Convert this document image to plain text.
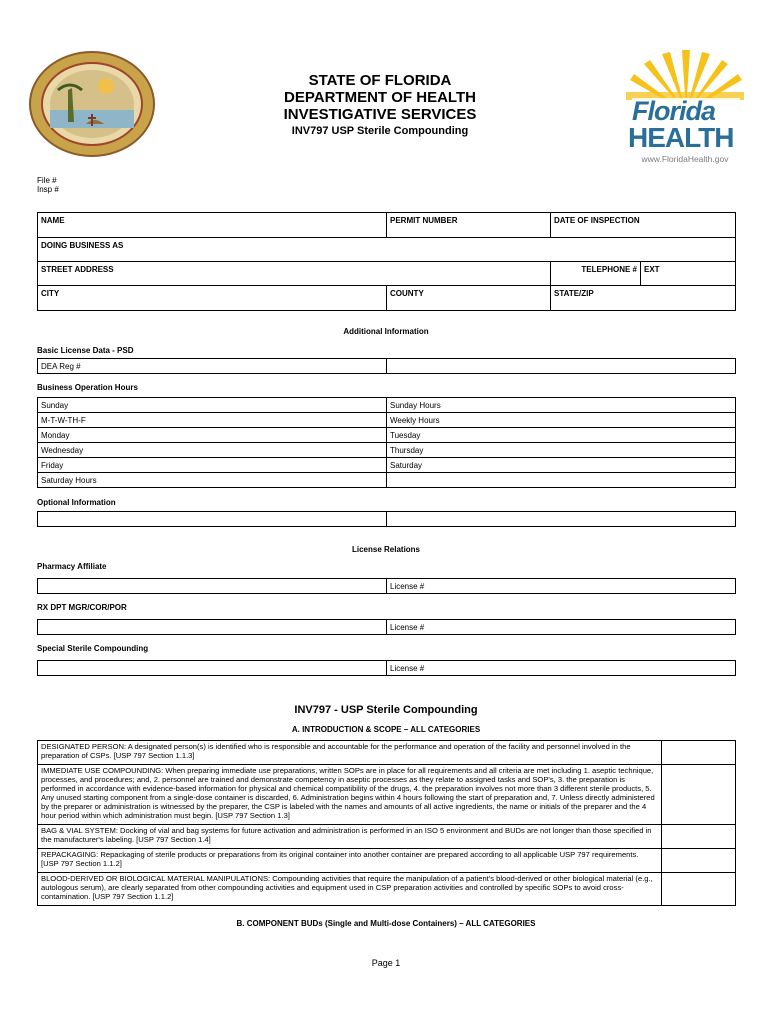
STATE OF FLORIDA
DEPARTMENT OF HEALTH
INVESTIGATIVE SERVICES
INV797 USP Sterile Compounding
Florida
HEALTH
www.FloridaHealth.gov
File #
Insp #
NAME	PERMIT NUMBER	DATE OF INSPECTION	
DOING BUSINESS AS			
STREET ADDRESS		TELEPHONE #	EXT
CITY	COUNTY	STATE/ZIP	
Additional Information
Basic License Data - PSD
DEA Reg #	
Business Operation Hours
Sunday	Sunday Hours
M-T-W-TH-F	Weekly Hours
Monday	Tuesday
Wednesday	Thursday
Friday	Saturday
Saturday Hours	
Optional Information

License Relations
Pharmacy Affiliate
	License #
RX DPT MGR/COR/POR
	License #
Special Sterile Compounding
	License #
INV797 - USP Sterile Compounding
A. INTRODUCTION & SCOPE – ALL CATEGORIES
DESIGNATED PERSON: A designated person(s) is identified who is responsible and accountable for the performance and operation of the facility and personnel involved in the preparation of CSPs. [USP 797 Section 1.1.3]	
IMMEDIATE USE COMPOUNDING: When preparing immediate use preparations, written SOPs are in place for all requirements and all criteria are met including 1. aseptic technique, processes, and procedures; and, 2. personnel are trained and demonstrate competency in aseptic processes as they relate to assigned tasks and SOP's, 3. the preparation is performed in accordance with evidence-based information for physical and chemical compatibility of the drugs, 4. the preparation involves not more than 3 different sterile products, 5. Any unused starting component from a single-dose container is discarded, 6. Administration begins within 4 hours following the start of preparation and, 7. Unless directly administered by the preparer or administration is witnessed by the preparer, the CSP is labeled with the names and amounts of all active ingredients, the name or initials of the preparer and the 4 hour period within which administration must begin. [USP 797 Section 1.3]	
BAG & VIAL SYSTEM: Docking of vial and bag systems for future activation and administration is performed in an ISO 5 environment and BUDs are not longer than those specified in the manufacturer's labeling. [USP 797 Section 1.4]	
REPACKAGING: Repackaging of sterile products or preparations from its original container into another container are prepared according to all applicable USP 797 requirements. [USP 797 Section 1.1.2]	
BLOOD-DERIVED OR BIOLOGICAL MATERIAL MANIPULATIONS: Compounding activities that require the manipulation of a patient's blood-derived or other biological material (e.g., autologous serum), are clearly separated from other compounding activities and equipment used in CSP preparation activities and controlled by specific SOPs to avoid cross-contamination. [USP 797 Section 1.1.2]	
B. COMPONENT BUDs (Single and Multi-dose Containers) – ALL CATEGORIES
Page 1
